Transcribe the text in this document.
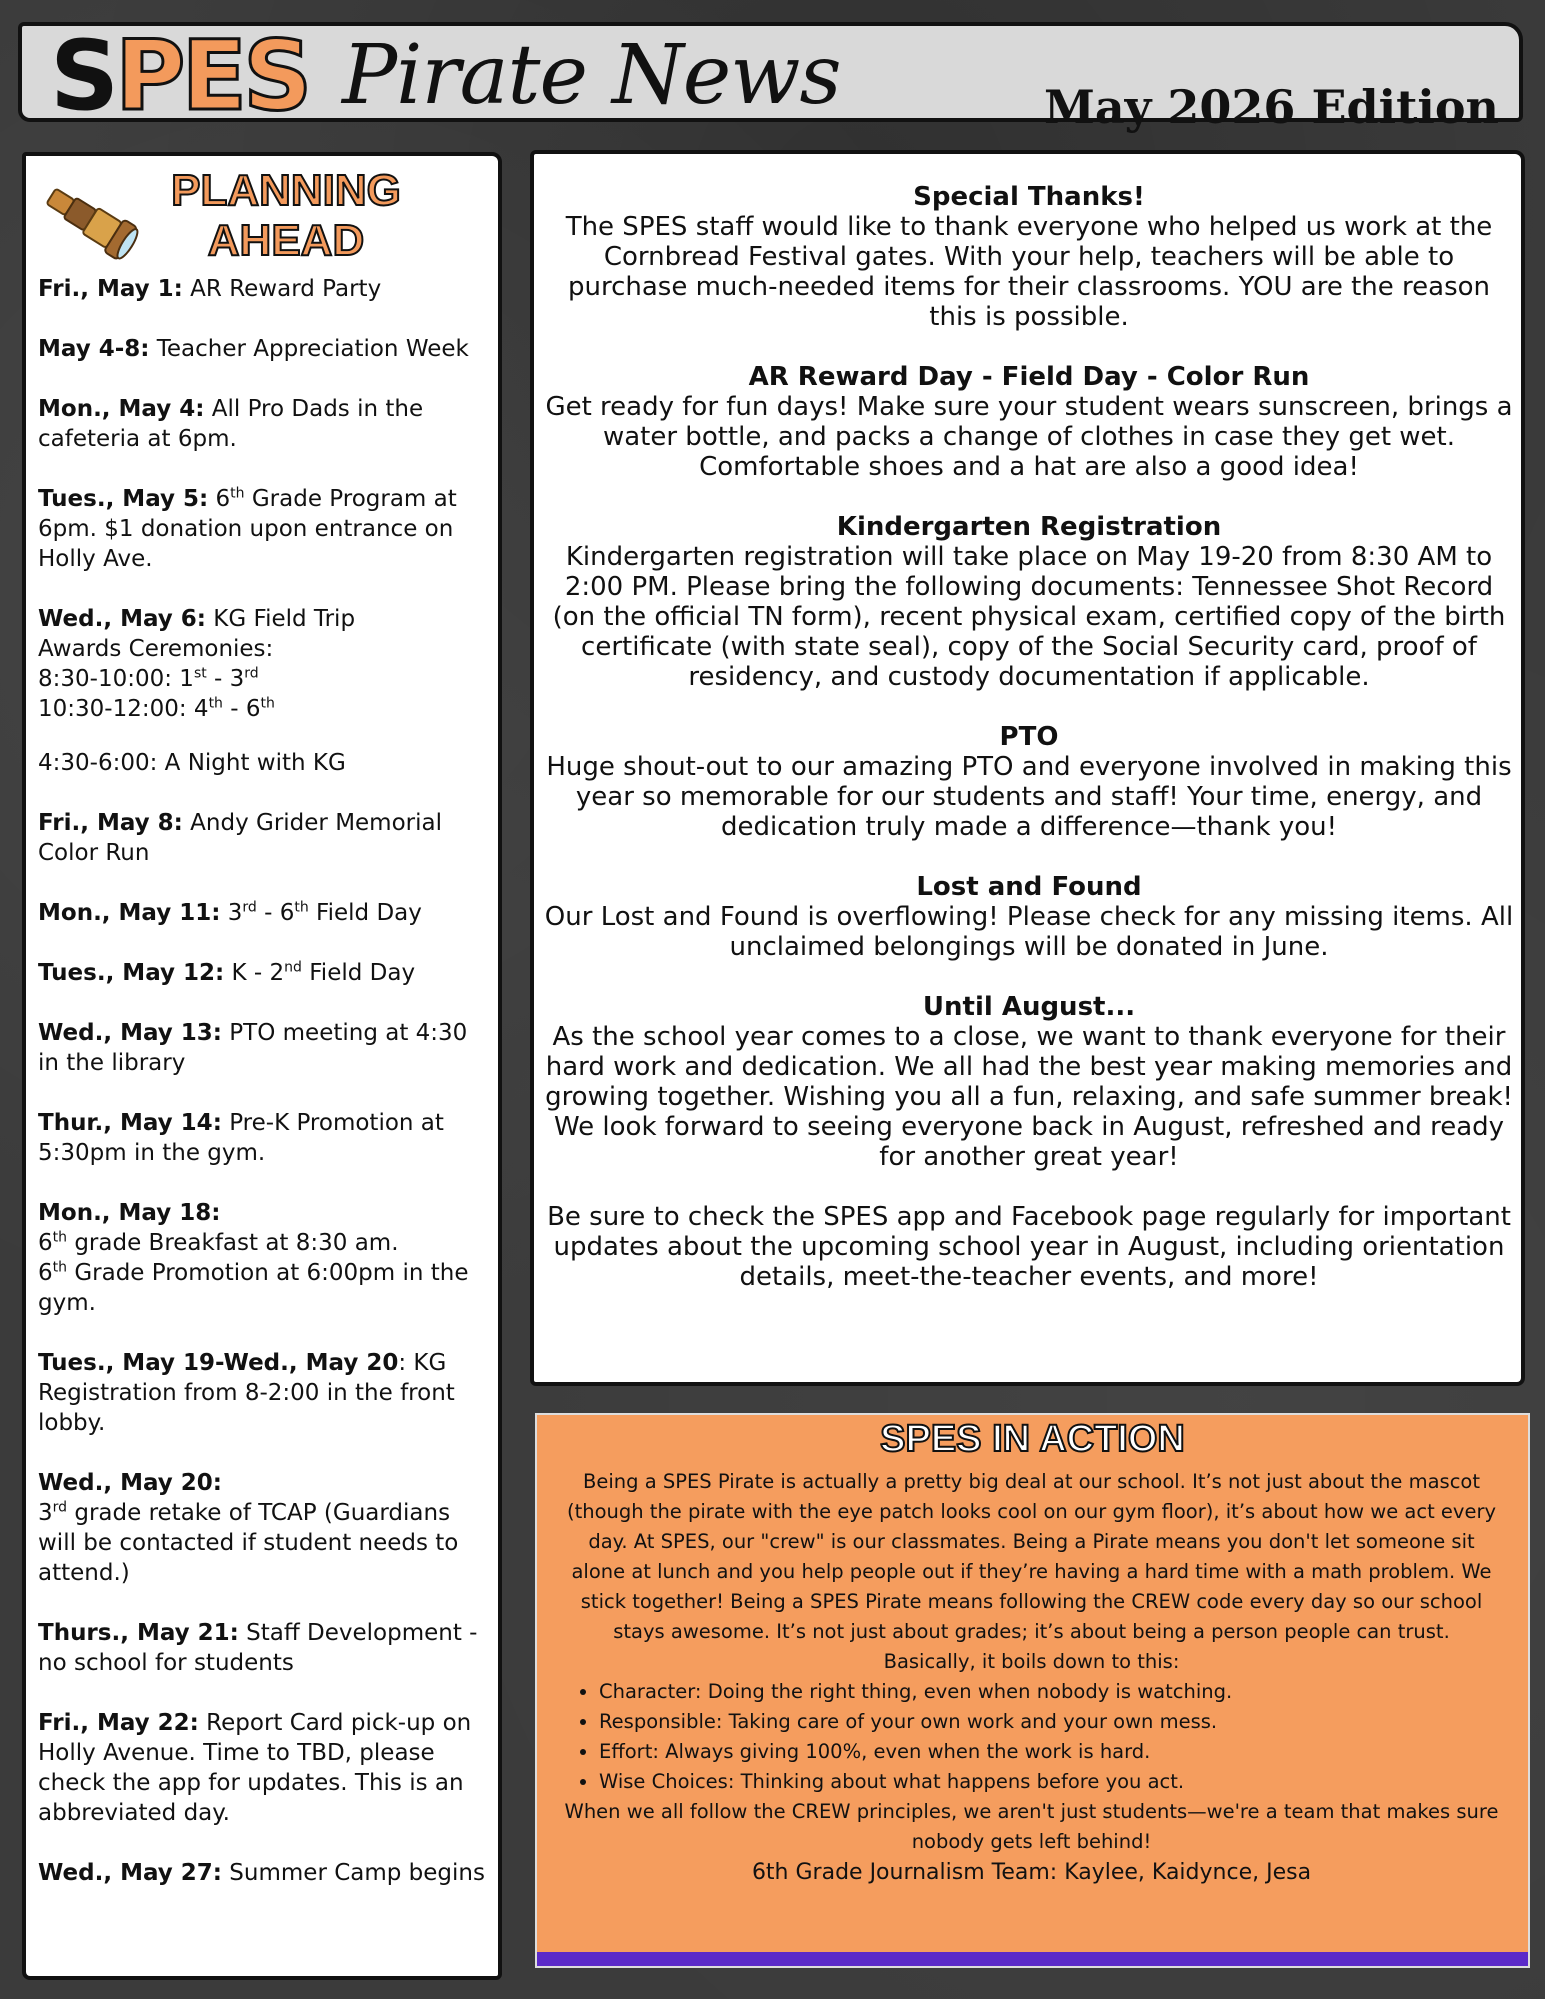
SPES Pirate News	May 2026 Edition
PLANNING
AHEAD
Fri., May 1: AR Reward Party
May 4-8: Teacher Appreciation Week
Mon., May 4: All Pro Dads in the cafeteria at 6pm.
Tues., May 5: 6th Grade Program at 6pm. $1 donation upon entrance on Holly Ave.
Wed., May 6: KG Field Trip
Awards Ceremonies:
8:30-10:00: 1st - 3rd
10:30-12:00: 4th - 6th
4:30-6:00: A Night with KG
Fri., May 8: Andy Grider Memorial Color Run
Mon., May 11: 3rd - 6th Field Day
Tues., May 12: K - 2nd Field Day
Wed., May 13: PTO meeting at 4:30 in the library
Thur., May 14: Pre-K Promotion at 5:30pm in the gym.
Mon., May 18:
6th grade Breakfast at 8:30 am.
6th Grade Promotion at 6:00pm in the gym.
Tues., May 19-Wed., May 20: KG Registration from 8-2:00 in the front lobby.
Wed., May 20:
3rd grade retake of TCAP (Guardians will be contacted if student needs to attend.)
Thurs., May 21: Staff Development - no school for students
Fri., May 22: Report Card pick-up on Holly Avenue. Time to TBD, please check the app for updates. This is an abbreviated day.
Wed., May 27: Summer Camp begins
Special Thanks!

The SPES staff would like to thank everyone who helped us work at the Cornbread Festival gates. With your help, teachers will be able to purchase much-needed items for their classrooms. YOU are the reason this is possible.

AR Reward Day - Field Day - Color Run

Get ready for fun days! Make sure your student wears sunscreen, brings a water bottle, and packs a change of clothes in case they get wet. Comfortable shoes and a hat are also a good idea!

Kindergarten Registration

Kindergarten registration will take place on May 19-20 from 8:30 AM to 2:00 PM. Please bring the following documents: Tennessee Shot Record (on the official TN form), recent physical exam, certified copy of the birth certificate (with state seal), copy of the Social Security card, proof of residency, and custody documentation if applicable.

PTO

Huge shout-out to our amazing PTO and everyone involved in making this year so memorable for our students and staff! Your time, energy, and dedication truly made a difference—thank you!

Lost and Found

Our Lost and Found is overflowing! Please check for any missing items. All unclaimed belongings will be donated in June.

Until August...

As the school year comes to a close, we want to thank everyone for their hard work and dedication. We all had the best year making memories and growing together. Wishing you all a fun, relaxing, and safe summer break! We look forward to seeing everyone back in August, refreshed and ready for another great year!

Be sure to check the SPES app and Facebook page regularly for important updates about the upcoming school year in August, including orientation details, meet-the-teacher events, and more!

SPES IN ACTION
Being a SPES Pirate is actually a pretty big deal at our school. It’s not just about the mascot (though the pirate with the eye patch looks cool on our gym floor), it’s about how we act every day. At SPES, our "crew" is our classmates. Being a Pirate means you don't let someone sit alone at lunch and you help people out if they’re having a hard time with a math problem. We stick together! Being a SPES Pirate means following the CREW code every day so our school stays awesome. It’s not just about grades; it’s about being a person people can trust.
Basically, it boils down to this:
• Character: Doing the right thing, even when nobody is watching.
• Responsible: Taking care of your own work and your own mess.
• Effort: Always giving 100%, even when the work is hard.
• Wise Choices: Thinking about what happens before you act.
When we all follow the CREW principles, we aren't just students—we're a team that makes sure nobody gets left behind!
6th Grade Journalism Team: Kaylee, Kaidynce, Jesa
